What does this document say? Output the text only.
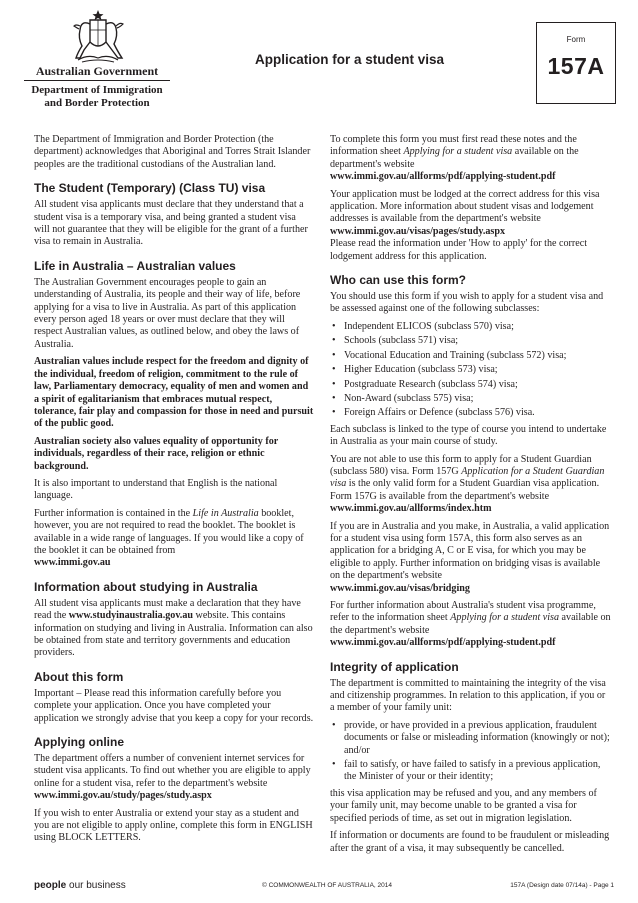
Australian Government
Department of Immigration
and Border Protection
Application for a student visa
Form
157A

The Department of Immigration and Border Protection (the department) acknowledges that Aboriginal and Torres Strait Islander peoples are the traditional custodians of the Australian land.

The Student (Temporary) (Class TU) visa

All student visa applicants must declare that they understand that a student visa is a temporary visa, and being granted a student visa will not guarantee that they will be eligible for the grant of a further visa to remain in Australia.

Life in Australia – Australian values

The Australian Government encourages people to gain an understanding of Australia, its people and their way of life, before applying for a visa to live in Australia. As part of this application every person aged 18 years or over must declare that they will respect Australian values, as outlined below, and obey the laws of Australia.

Australian values include respect for the freedom and dignity of the individual, freedom of religion, commitment to the rule of law, Parliamentary democracy, equality of men and women and a spirit of egalitarianism that embraces mutual respect, tolerance, fair play and compassion for those in need and pursuit of the public good.

Australian society also values equality of opportunity for individuals, regardless of their race, religion or ethnic background.

It is also important to understand that English is the national language.

Further information is contained in the Life in Australia booklet, however, you are not required to read the booklet. The booklet is available in a wide range of languages. If you would like a copy of the booklet it can be obtained from
www.immi.gov.au

Information about studying in Australia

All student visa applicants must make a declaration that they have read the www.studyinaustralia.gov.au website. This contains information on studying and living in Australia. Information can also be obtained from state and territory governments and education providers.

About this form

Important – Please read this information carefully before you complete your application. Once you have completed your application we strongly advise that you keep a copy for your records.

Applying online

The department offers a number of convenient internet services for student visa applicants. To find out whether you are eligible to apply online for a student visa, refer to the department's website www.immi.gov.au/study/pages/study.aspx

If you wish to enter Australia or extend your stay as a student and you are not eligible to apply online, complete this form in ENGLISH using BLOCK LETTERS.

To complete this form you must first read these notes and the information sheet Applying for a student visa available on the department's website
www.immi.gov.au/allforms/pdf/applying-student.pdf

Your application must be lodged at the correct address for this visa application. More information about student visas and lodgement addresses is available from the department's website www.immi.gov.au/visas/pages/study.aspx
Please read the information under 'How to apply' for the correct lodgement address for this application.

Who can use this form?

You should use this form if you wish to apply for a student visa and be assessed against one of the following subclasses:

• Independent ELICOS (subclass 570) visa;
• Schools (subclass 571) visa;
• Vocational Education and Training (subclass 572) visa;
• Higher Education (subclass 573) visa;
• Postgraduate Research (subclass 574) visa;
• Non-Award (subclass 575) visa;
• Foreign Affairs or Defence (subclass 576) visa.

Each subclass is linked to the type of course you intend to undertake in Australia as your main course of study.

You are not able to use this form to apply for a Student Guardian (subclass 580) visa. Form 157G Application for a Student Guardian visa is the only valid form for a Student Guardian visa application. Form 157G is available from the department's website www.immi.gov.au/allforms/index.htm

If you are in Australia and you make, in Australia, a valid application for a student visa using form 157A, this form also serves as an application for a bridging A, C or E visa, for which you may be eligible to apply. Further information on bridging visas is available on the department's website
www.immi.gov.au/visas/bridging

For further information about Australia's student visa programme, refer to the information sheet Applying for a student visa available on the department's website
www.immi.gov.au/allforms/pdf/applying-student.pdf

Integrity of application

The department is committed to maintaining the integrity of the visa and citizenship programmes. In relation to this application, if you or a member of your family unit:

• provide, or have provided in a previous application, fraudulent documents or false or misleading information (knowingly or not); and/or
• fail to satisfy, or have failed to satisfy in a previous application, the Minister of your or their identity;

this visa application may be refused and you, and any members of your family unit, may become unable to be granted a visa for specified periods of time, as set out in migration legislation.

If information or documents are found to be fraudulent or misleading after the grant of a visa, it may subsequently be cancelled.

people our business	© COMMONWEALTH OF AUSTRALIA, 2014	157A (Design date 07/14a) - Page 1
